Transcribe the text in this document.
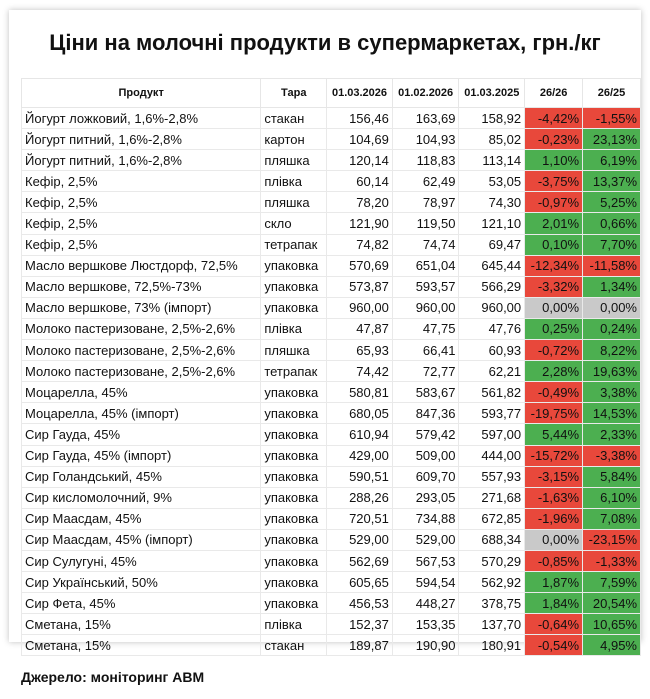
Ціни на молочні продукти в супермаркетах, грн./кг
Продукт	Тара	01.03.2026	01.02.2026	01.03.2025	26/26	26/25
Йогурт ложковий, 1,6%-2,8%	стакан	156,46	163,69	158,92	-4,42%	-1,55%
Йогурт питний, 1,6%-2,8%	картон	104,69	104,93	85,02	-0,23%	23,13%
Йогурт питний, 1,6%-2,8%	пляшка	120,14	118,83	113,14	1,10%	6,19%
Кефір, 2,5%	плівка	60,14	62,49	53,05	-3,75%	13,37%
Кефір, 2,5%	пляшка	78,20	78,97	74,30	-0,97%	5,25%
Кефір, 2,5%	скло	121,90	119,50	121,10	2,01%	0,66%
Кефір, 2,5%	тетрапак	74,82	74,74	69,47	0,10%	7,70%
Масло вершкове Люстдорф, 72,5%	упаковка	570,69	651,04	645,44	-12,34%	-11,58%
Масло вершкове, 72,5%-73%	упаковка	573,87	593,57	566,29	-3,32%	1,34%
Масло вершкове, 73% (імпорт)	упаковка	960,00	960,00	960,00	0,00%	0,00%
Молоко пастеризоване, 2,5%-2,6%	плівка	47,87	47,75	47,76	0,25%	0,24%
Молоко пастеризоване, 2,5%-2,6%	пляшка	65,93	66,41	60,93	-0,72%	8,22%
Молоко пастеризоване, 2,5%-2,6%	тетрапак	74,42	72,77	62,21	2,28%	19,63%
Моцарелла, 45%	упаковка	580,81	583,67	561,82	-0,49%	3,38%
Моцарелла, 45% (імпорт)	упаковка	680,05	847,36	593,77	-19,75%	14,53%
Сир Гауда, 45%	упаковка	610,94	579,42	597,00	5,44%	2,33%
Сир Гауда, 45% (імпорт)	упаковка	429,00	509,00	444,00	-15,72%	-3,38%
Сир Голандський, 45%	упаковка	590,51	609,70	557,93	-3,15%	5,84%
Сир кисломолочний, 9%	упаковка	288,26	293,05	271,68	-1,63%	6,10%
Сир Маасдам, 45%	упаковка	720,51	734,88	672,85	-1,96%	7,08%
Сир Маасдам, 45% (імпорт)	упаковка	529,00	529,00	688,34	0,00%	-23,15%
Сир Сулугуні, 45%	упаковка	562,69	567,53	570,29	-0,85%	-1,33%
Сир Український, 50%	упаковка	605,65	594,54	562,92	1,87%	7,59%
Сир Фета, 45%	упаковка	456,53	448,27	378,75	1,84%	20,54%
Сметана, 15%	плівка	152,37	153,35	137,70	-0,64%	10,65%
Сметана, 15%	стакан	189,87	190,90	180,91	-0,54%	4,95%
Джерело: моніторинг АВМ
